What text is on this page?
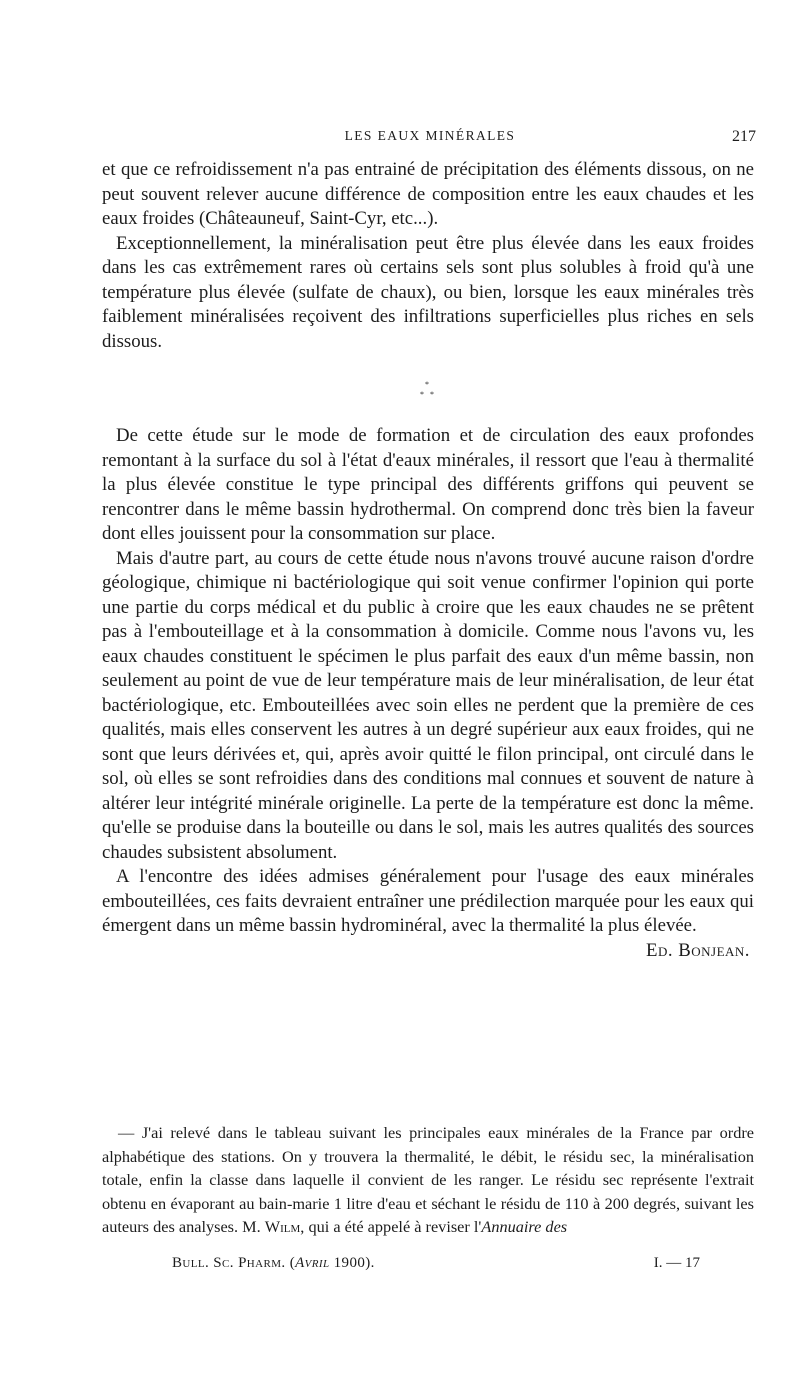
LES EAUX MINÉRALES	217

et que ce refroidissement n'a pas entrainé de précipitation des éléments dissous, on ne peut souvent relever aucune différence de composition entre les eaux chaudes et les eaux froides (Châteauneuf, Saint-Cyr, etc...).

Exceptionnellement, la minéralisation peut être plus élevée dans les eaux froides dans les cas extrêmement rares où certains sels sont plus solubles à froid qu'à une température plus élevée (sulfate de chaux), ou bien, lorsque les eaux minérales très faiblement minéralisées reçoivent des infiltrations superficielles plus riches en sels dissous.

*
* *

De cette étude sur le mode de formation et de circulation des eaux profondes remontant à la surface du sol à l'état d'eaux minérales, il ressort que l'eau à thermalité la plus élevée constitue le type principal des différents griffons qui peuvent se rencontrer dans le même bassin hydrothermal. On comprend donc très bien la faveur dont elles jouissent pour la consommation sur place.

Mais d'autre part, au cours de cette étude nous n'avons trouvé aucune raison d'ordre géologique, chimique ni bactériologique qui soit venue confirmer l'opinion qui porte une partie du corps médical et du public à croire que les eaux chaudes ne se prêtent pas à l'embouteillage et à la consommation à domicile. Comme nous l'avons vu, les eaux chaudes constituent le spécimen le plus parfait des eaux d'un même bassin, non seulement au point de vue de leur température mais de leur minéralisation, de leur état bactériologique, etc. Embouteillées avec soin elles ne perdent que la première de ces qualités, mais elles conservent les autres à un degré supérieur aux eaux froides, qui ne sont que leurs dérivées et, qui, après avoir quitté le filon principal, ont circulé dans le sol, où elles se sont refroidies dans des conditions mal connues et souvent de nature à altérer leur intégrité minérale originelle. La perte de la température est donc la même. qu'elle se produise dans la bouteille ou dans le sol, mais les autres qualités des sources chaudes subsistent absolument.

A l'encontre des idées admises généralement pour l'usage des eaux minérales embouteillées, ces faits devraient entraîner une prédilection marquée pour les eaux qui émergent dans un même bassin hydrominéral, avec la thermalité la plus élevée.
Ed. Bonjean.

— J'ai relevé dans le tableau suivant les principales eaux minérales de la France par ordre alphabétique des stations. On y trouvera la thermalité, le débit, le résidu sec, la minéralisation totale, enfin la classe dans laquelle il convient de les ranger. Le résidu sec représente l'extrait obtenu en évaporant au bain-marie 1 litre d'eau et séchant le résidu de 110 à 200 degrés, suivant les auteurs des analyses. M. Wilm, qui a été appelé à reviser l'Annuaire des

Bull. Sc. Pharm. (Avril 1900).	I. — 17
